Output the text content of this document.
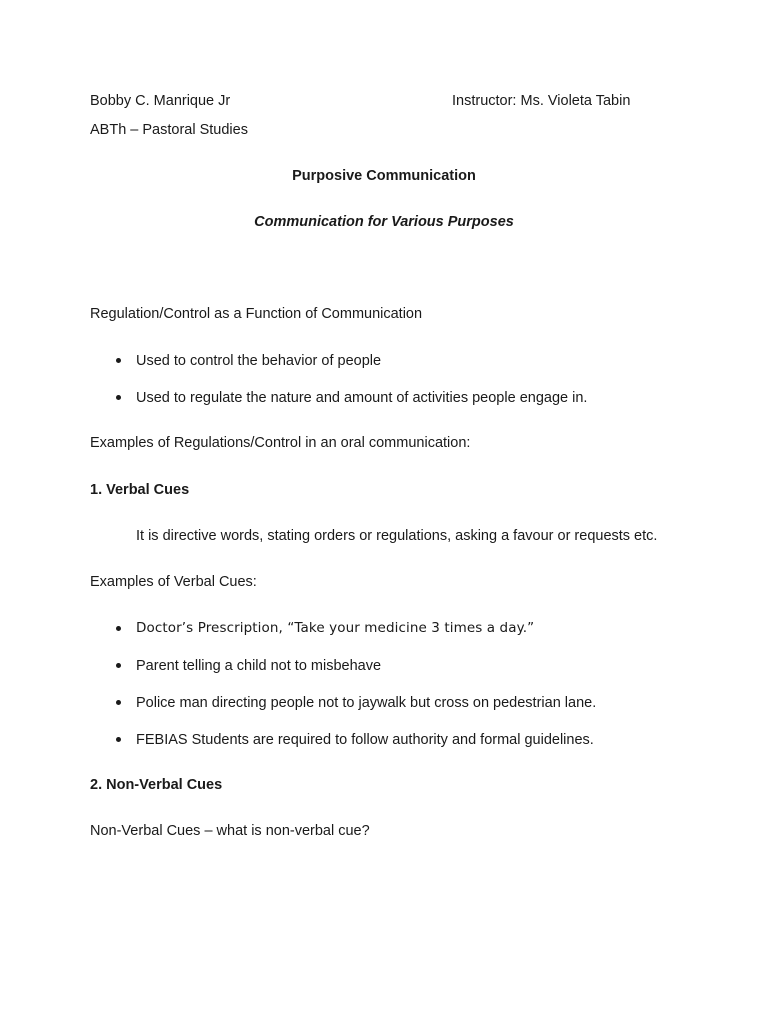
Bobby C. Manrique Jr	Instructor: Ms. Violeta Tabin
ABTh – Pastoral Studies
Purposive Communication
Communication for Various Purposes
Regulation/Control as a Function of Communication
Used to control the behavior of people
Used to regulate the nature and amount of activities people engage in.
Examples of Regulations/Control in an oral communication:
1. Verbal Cues
It is directive words, stating orders or regulations, asking a favour or requests etc.
Examples of Verbal Cues:
Doctor’s Prescription, “Take your medicine 3 times a day.”
Parent telling a child not to misbehave
Police man directing people not to jaywalk but cross on pedestrian lane.
FEBIAS Students are required to follow authority and formal guidelines.
2. Non-Verbal Cues
Non-Verbal Cues – what is non-verbal cue?
